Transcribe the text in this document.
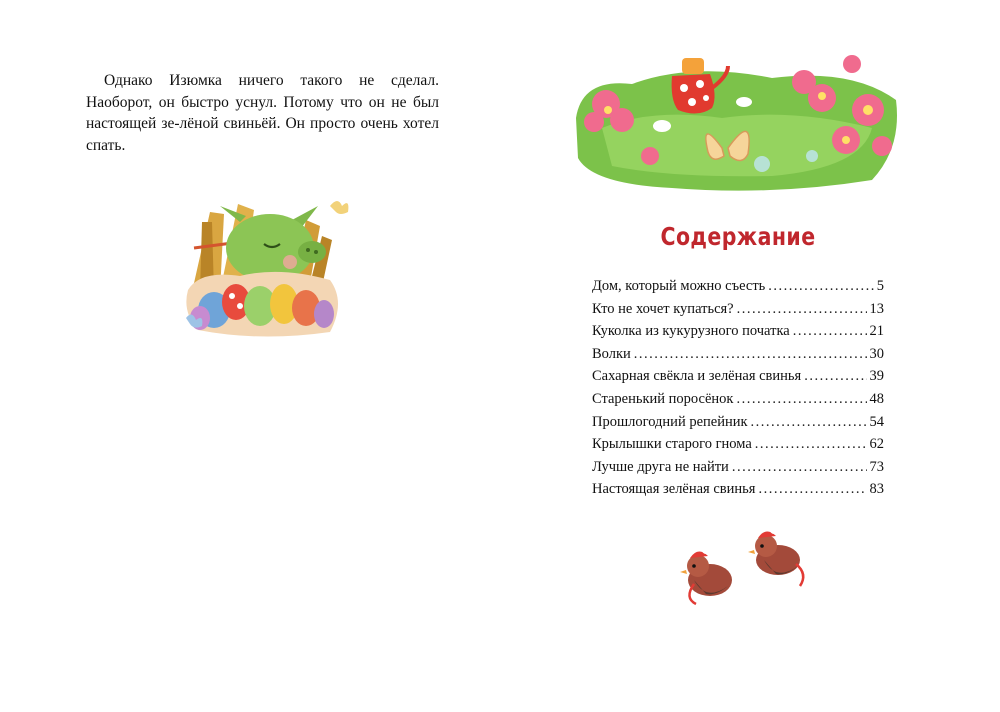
Однако Изюмка ничего такого не сделал. Наоборот, он быстро уснул. Потому что он не был настоящей зе-лёной свиньёй. Он просто очень хотел спать.

Содержание
Дом, который можно съесть .....	5
Кто не хочет купаться? .....	13
Куколка из кукурузного початка .....	21
Волки .....	30
Сахарная свёкла и зелёная свинья .....	39
Старенький поросёнок .....	48
Прошлогодний репейник .....	54
Крылышки старого гнома .....	62
Лучше друга не найти .....	73
Настоящая зелёная свинья .....	83
